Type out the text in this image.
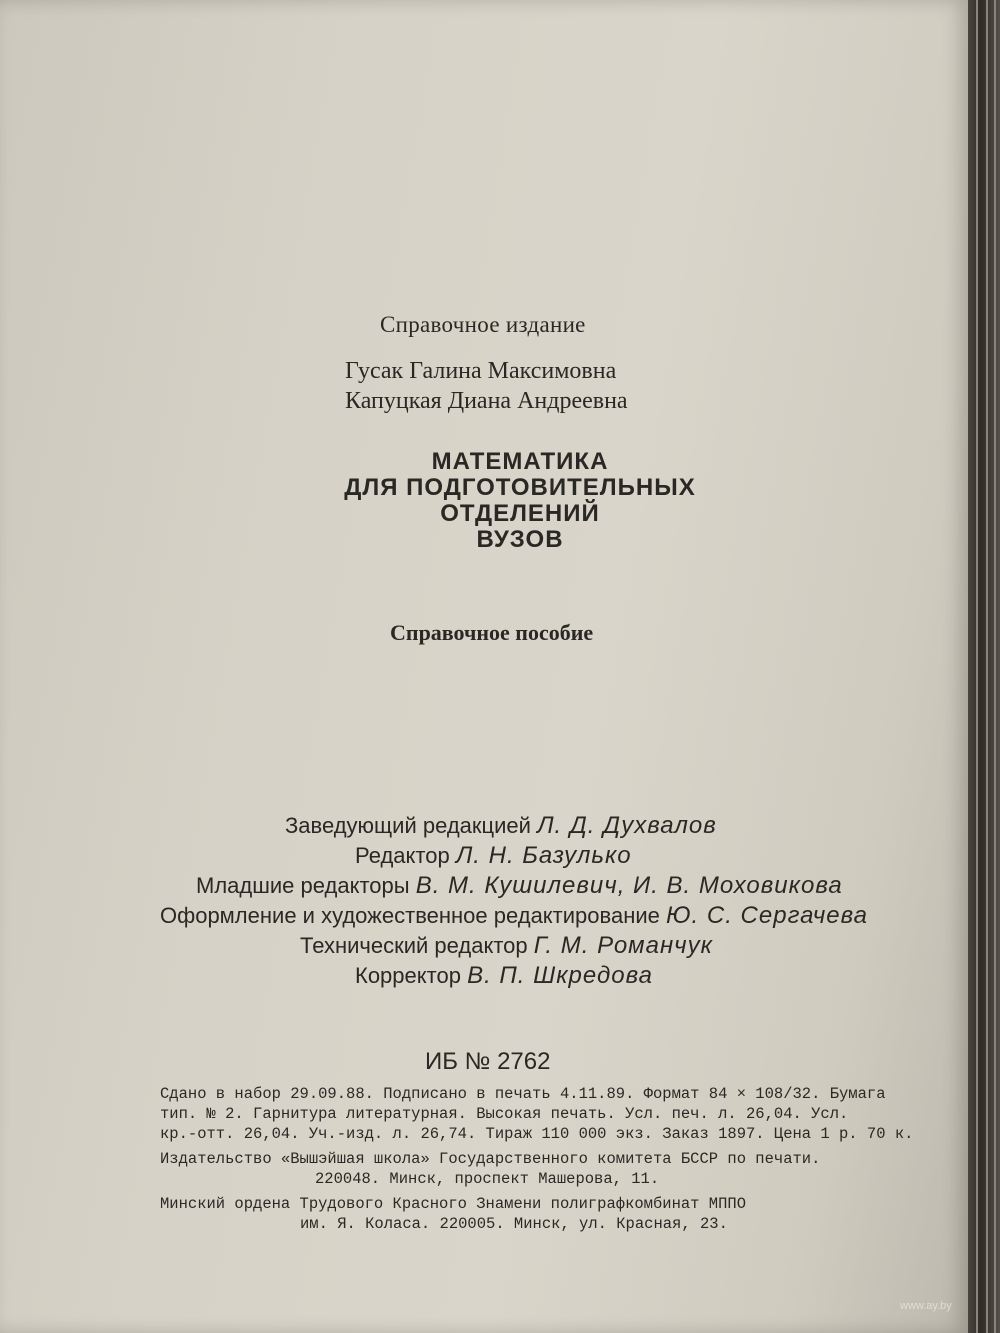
Справочное издание
Гусак Галина Максимовна
Капуцкая Диана Андреевна
МАТЕМАТИКА
ДЛЯ ПОДГОТОВИТЕЛЬНЫХ
ОТДЕЛЕНИЙ
ВУЗОВ
Справочное пособие
Заведующий редакцией Л. Д. Духвалов
Редактор Л. Н. Базулько
Младшие редакторы В. М. Кушилевич, И. В. Моховикова
Оформление и художественное редактирование Ю. С. Сергачева
Технический редактор Г. М. Романчук
Корректор В. П. Шкредова
ИБ № 2762
Сдано в набор 29.09.88. Подписано в печать 4.11.89. Формат 84 × 108/32. Бумага
тип. № 2. Гарнитура литературная. Высокая печать. Усл. печ. л. 26,04. Усл.
кр.-отт. 26,04. Уч.-изд. л. 26,74. Тираж 110 000 экз. Заказ 1897. Цена 1 р. 70 к.
Издательство «Вышэйшая школа» Государственного комитета БССР по печати.
220048. Минск, проспект Машерова, 11.
Минский ордена Трудового Красного Знамени полиграфкомбинат МППО
им. Я. Коласа. 220005. Минск, ул. Красная, 23.
www.ay.by
